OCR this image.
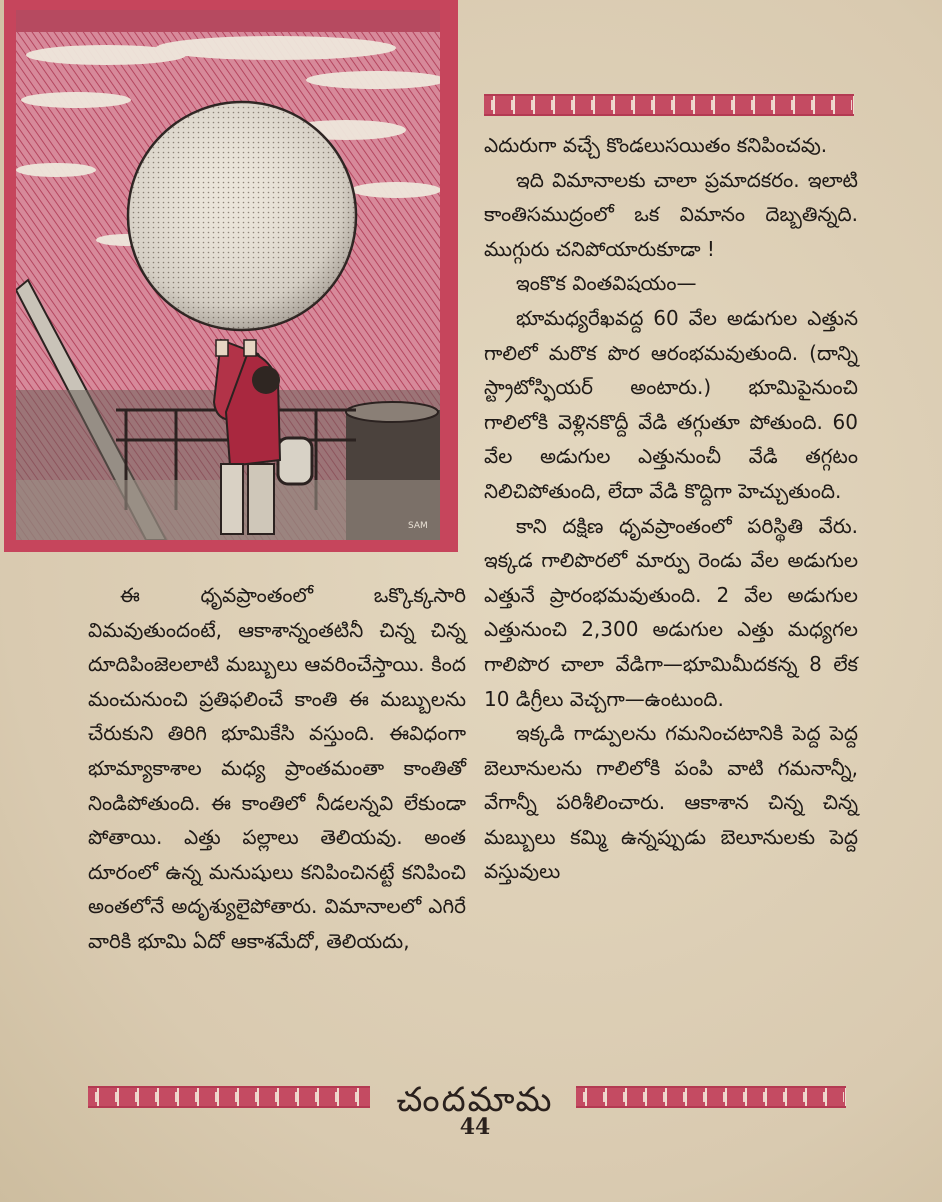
SAM

ఎదురుగా వచ్చే కొండలుసయితం కనిపించవు.

ఇది విమానాలకు చాలా ప్రమాదకరం. ఇలాటి కాంతిసముద్రంలో ఒక విమానం దెబ్బతిన్నది. ముగ్గురు చనిపోయారుకూడా !

ఇంకొక వింతవిషయం—

భూమధ్యరేఖవద్ద 60 వేల అడుగుల ఎత్తున గాలిలో మరొక పొర ఆరంభమవుతుంది. (దాన్ని స్ట్రాటోస్ఫియర్ అంటారు.) భూమిపైనుంచి గాలిలోకి వెళ్లినకొద్దీ వేడి తగ్గుతూ పోతుంది. 60 వేల అడుగుల ఎత్తునుంచీ వేడి తగ్గటం నిలిచిపోతుంది, లేదా వేడి కొద్దిగా హెచ్చుతుంది.

కాని దక్షిణ ధృవప్రాంతంలో పరిస్థితి వేరు. ఇక్కడ గాలిపొరలో మార్పు రెండు వేల అడుగుల ఎత్తునే ప్రారంభమవుతుంది. 2 వేల అడుగుల ఎత్తునుంచి 2,300 అడుగుల ఎత్తు మధ్యగల గాలిపొర చాలా వేడిగా—భూమిమీదకన్న 8 లేక 10 డిగ్రీలు వెచ్చగా—ఉంటుంది.

ఇక్కడి గాడ్పులను గమనించటానికి పెద్ద పెద్ద బెలూనులను గాలిలోకి పంపి వాటి గమనాన్నీ, వేగాన్నీ పరిశీలించారు. ఆకాశాన చిన్న చిన్న మబ్బులు కమ్మి ఉన్నప్పుడు బెలూనులకు పెద్ద వస్తువులు

ఈ ధృవప్రాంతంలో ఒక్కొక్కసారి విమవుతుందంటే, ఆకాశాన్నంతటినీ చిన్న చిన్న దూదిపింజెలలాటి మబ్బులు ఆవరించేస్తాయి. కింద మంచునుంచి ప్రతిఫలించే కాంతి ఈ మబ్బులను చేరుకుని తిరిగి భూమికేసి వస్తుంది. ఈవిధంగా భూమ్యాకాశాల మధ్య ప్రాంతమంతా కాంతితో నిండిపోతుంది. ఈ కాంతిలో నీడలన్నవి లేకుండా పోతాయి. ఎత్తు పల్లాలు తెలియవు. అంత దూరంలో ఉన్న మనుషులు కనిపించినట్టే కనిపించి అంతలోనే అదృశ్యులైపోతారు. విమానాలలో ఎగిరే వారికి భూమి ఏదో ఆకాశమేదో, తెలియదు,

చందమామ
44
